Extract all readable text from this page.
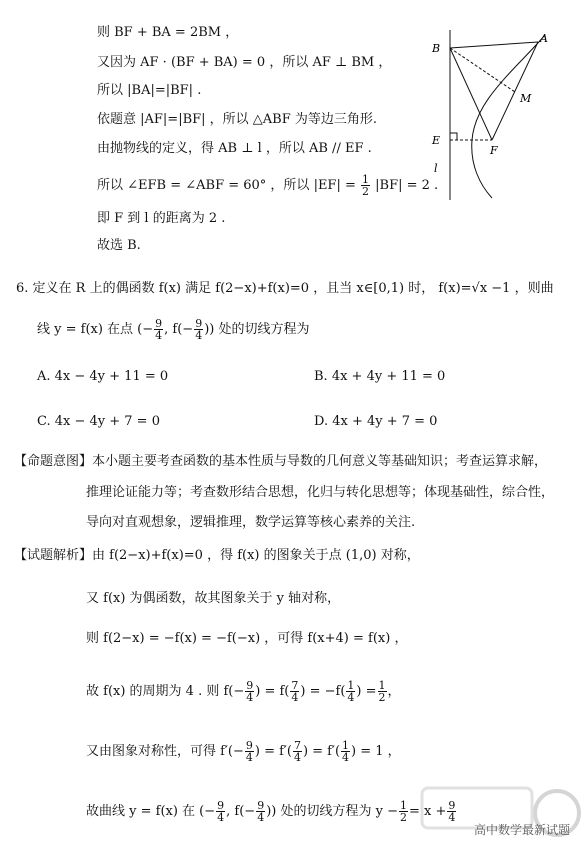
则 BF + BA = 2BM ，
又因为 AF · (BF + BA) = 0 ，所以 AF ⊥ BM ，
所以 |BA|=|BF| .
依题意 |AF|=|BF| ，所以 △ABF 为等边三角形.
由抛物线的定义，得 AB ⊥ l ，所以 AB // EF .
所以 ∠EFB = ∠ABF = 60° ，所以 $|EF| = \frac{1}{2} |BF| = 2$ .
即 F 到 l 的距离为 2 .
故选 B.
B
A
M
E
F
l
6. 定义在 R 上的偶函数 f(x) 满足 f(2−x)+f(x)=0 ，且当 x∈[0,1) 时， f(x)=√x −1 ，则曲
线 y = f(x) 在点 (− $\frac{9}{4}$ , $f(- \frac{9}{4}$ )) 处的切线方程为
A. 4x − 4y + 11 = 0	B. 4x + 4y + 11 = 0
C. 4x − 4y + 7 = 0	D. 4x + 4y + 7 = 0
【命题意图】本小题主要考查函数的基本性质与导数的几何意义等基础知识；考查运算求解，
推理论证能力等；考查数形结合思想，化归与转化思想等；体现基础性，综合性，
导向对直观想象，逻辑推理，数学运算等核心素养的关注.
【试题解析】由 f(2−x)+f(x)=0 ，得 f(x) 的图象关于点 (1,0) 对称，
又 f(x) 为偶函数，故其图象关于 y 轴对称，
则 f(2−x) = −f(x) = −f(−x) ，可得 f(x+4) = f(x) ，
故 f(x) 的周期为 4 . 则 $f(- \frac{9}{4}$ ) = $f( \frac{7}{4}$ ) = $-f( \frac{1}{4}$ ) = $\frac{1}{2}$ ，
又由图象对称性，可得 $f'(- \frac{9}{4}$ ) = $f'( \frac{7}{4}$ ) = $f'( \frac{1}{4}$ ) = 1 ，
故曲线 y = f(x) 在 (− $\frac{9}{4}$ , $f(- \frac{9}{4}$ )) 处的切线方程为 $y - \frac{1}{2} = x + \frac{9}{4}$
高中数学最新试题
